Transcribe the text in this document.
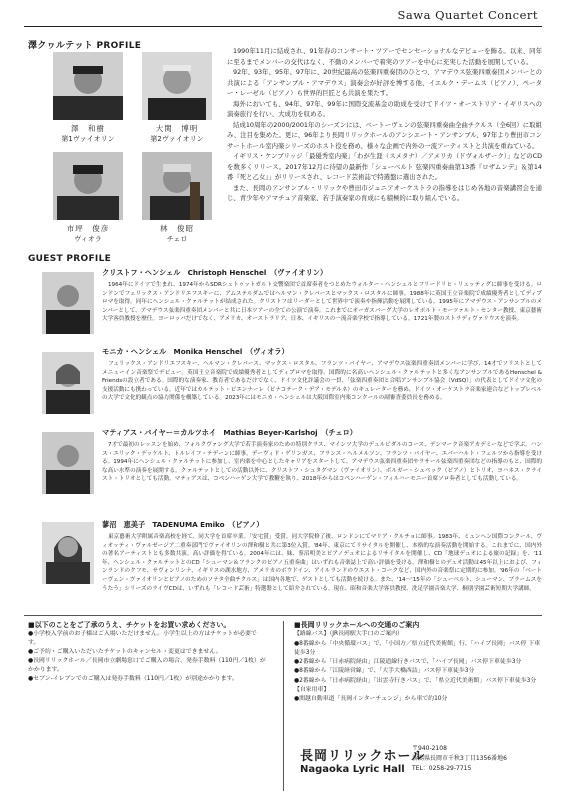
Sawa Quartet Concert
澤クヮルテット PROFILE
澤　和樹
第1ヴァイオリン
大関　博明
第2ヴァイオリン
市坪　俊彦
ヴィオラ
林　俊昭
チェロ

1990年11月に結成され、91年春のコンサート・ツアーでセンセーショナルなデビューを飾る。以来、同年に至るまでメンバーの交代はなく、不動のメンバーで着実のツアーを中心に充実した活動を展開している。

92年、93年、95年、97年に、20世紀最高の弦楽四重奏団のひとつ、アマデウス弦楽四重奏団メンバーとの共演による「アンサンブル・アマデウス」演奏会が好評を博する他、イエルク・デームス（ピアノ）、ペーター・レーゼル（ピアノ）ら世界的巨匠とも共演を果たす。

海外においても、94年、97年、99年に国際交流基金の助成を受けてドイツ・オーストリア・イギリスへの演奏旅行を行い、大成功を収める。

結成10周年の2000/2001年のシーズンには、ベートーヴェンの弦楽四重奏曲全曲チクルス（全6回）に取組み、注目を集めた。更に、96年より長岡リリックホールのアンシエート・アンサンブル、97年より豊田市コンサートホール室内楽シリーズのホスト役を務め、様々な企画で内外の一流アーティストと共演を重ねている。

イギリス・ケンブリッジ「最優秀室内楽」「わが生涯（スメタナ）／アメリカ（ドヴォルザーク）」などのCDを数多くリリース。2017年12月に待望の最新作「シューベルト 弦楽四重奏曲第13番『ロザムンデ』＆第14番『死と乙女』」がリリースされ、レコード芸術誌で特選盤に選出された。

また、長岡のアンサンブル・リリックや豊田市ジュニアオーケストラの指導をはじめ各地の音楽講習会を通じ、青少年やアマチュア音楽家、若手演奏家の育成にも積極的に取り組んでいる。

GUEST PROFILE
クリストフ・ヘンシェル　Christoph Henschel　（ヴァイオリン）

1964年にドイツで生まれ、1974年からSDRシュトゥットガルト交響楽団で首席奏者をつとめたウォルター・ヘンシェルとフリードリヒ・リュッティグに師事を受ける。ロンドンでフェリックス・アンドリエフスキーに、アムステルダムではヘルマン・クレバースとマックス・ロスタルに師事。1988年に英国王立音楽院で成績優秀者としてディプロマを取得。同年にヘンシェル・クァルテットが結成された。クリストフはリーダーとして世界中で演奏や指揮活動を展開している。1995年にアマデウス・アンサンブルのメンバーとして、アマデウス弦楽四重奏団メンバーと共に日本ツアーの全ての公演で演奏。これまでにオーガスバーグ大学のレオポルト・モーツァルト・センター教授、東京藝術大学客員教授を歴任。ヨーロッパだけでなく、アメリカ、オーストラリア、日本、イギリスの一流音楽学校で指導している。1721年製のストラディヴァリウスを演奏。

モニカ・ヘンシェル　Monika Henschel　（ヴィオラ）

フェリックス・アンドリエフスキー、ヘルマン・クレバース、マックス・ロスタル、フランツ・バイヤー、アマデウス弦楽四重奏団メンバーに学び、14才でソリストとしてメニューイン音楽祭でデビュー。英国王立音楽院で成績優秀者としてディプロマを取得。国際的に名高いヘンシェル・クァルテットと多くなアンサンブルであるHenschel & Friendsの設立者である。国際的な演奏家、教育者であるだけでなく、ドイツ文化評議会の一員、「弦楽四重奏団と合唱アンサンブル協会（VdSQ）」の代表としてドイツ文化の支援活動にも携わっている。近年ではカルテット・ビエンナーレ（ピナコテーク・デア・モデルネ）のキュレーターを務め、ドイツ・オーケストラ音楽家連合などトップレベルの大学で文化的観点の協力関係を構築している。2023年にはモニカ・ヘンシェルは大阪国際室内楽コンクールの副審査委員長を務める。

マティアス・バイヤー＝カルツホイ　Mathias Beyer-Karlshoj　（チェロ）

7才で最初のレッスンを始め、フォルクヴァング大学で若手演奏家のための特別クラス、マインツ大学のデュルビダルのコース、デンマーク音楽アカデミーなどで学ぶ。ハンス・エリック・デッケルト、トルレイフ・テデーンに師事。デーヴィド・ゲリンガス、フランス・ヘルメルソン、フランツ・バイヤー、エバーハルト・フェルツから指導を受ける。1994年にヘンシェル・クァルテットに参加し、室内楽を中心としたキャリアをスタートして、アマデウス弦楽四重奏団やラサール弦楽四重奏団などの指導のもと、国際的な高い水準の演奏を展開する。クァルテットとしての活動以外に、クリストフ・シュタグマン（ヴァイオリン）、ボルガー・シュペック（ピアノ）とトリオ、ヨハネス・クライスト・トリオとしても活動。マティアスは、コペンハーゲン大学で教鞭を執り、2018年からはコペンハーゲン・フィルハーモニー首席ソロ奏者としても活動している。

蓼沼　恵美子　TADENUMA Emiko　（ピアノ）

東京藝術大学附属音楽高校を経て、同大学を首席卒業。「安宅賞」受賞。同大学院修了後、ロンドンにてマリア・クルチョに師事。1983年、ミュンヘン国際コンクール、ヴィオッティ・ヴァルゼージア二重奏部門でヴァイオリンの澤和樹と共に第3位入賞。'84年、東京にてリサイタルを開催し、本格的な演奏活動を開始する。これまでに、国内外の著名アーティストとも多数共演。高い評価を得ている。2004年には、妹、蓼沼明美とピアノデュオによるリサイタルを開催し、CD「地球デュオによる旅の記録」を、'11年、ヘンシェル・クァルテットとのCD「シューマン＆フランクのピアノ五重奏曲」はいずれも音楽誌上で高い評価を受ける。澤和樹とのデュオ活動は45年以上におよび、フィンランドのクフモ、サヴォンリンナ、イギリスの湖水地方、アメリカのボウドイン、アイルランドのウエスト・コークなど、国内外の音楽祭に定期的に参加。'96年の「ベートーヴェン・ヴァイオリンとピアノのためのソナタ全曲チクルス」は国内各地で、ゲストとしても活動を続ける。また、'14〜'15年の「シューベルト、シューマン、ブラームスをうたう」シリーズのライヴCDは、いずれも「レコード芸術」特選盤として紹介されている。現在、昭和音楽大学客員教授、洗足学園音楽大学、桐朋学園芸術短期大学講師。

■以下のことをご了承のうえ、チケットをお買い求めください。
●小学校入学前のお子様はご入場いただけません。小学生以上の方はチケットが必要です。
●ご予約・ご購入いただいたチケットのキャンセル・変更はできません。
●長岡リリックホール／長岡市立劇場窓口でご購入の場合、発券手数料（110円／1枚）がかかります。
●セブン-イレブンでのご購入は発券手数料（110円／1枚）が別途かかります。
■長岡リリックホールへの交通のご案内
【路線バス】（JR長岡駅大手口のご案内）
●8番線から「中央循環バス」で、「小国方／県立近代美術館」行、「ハイブ長岡」バス停 下車徒歩3分
●2番線から「日赤病院経由」江陵道線行きバスで、「ハイブ長岡」バス停下車徒歩3分
●8番線から「江陵経営線」で、「大手大橋西詰」バス停下車徒歩3分
●2番線から「日赤病院経由」「出雲寺行きバス」で、「県立近代美術館」バス停下車徒歩3分
【自家用車】
●関越自動車道「長岡インターチェンジ」から車で約10分
長岡リリックホール
Nagaoka Lyric Hall
〒940-2108
新潟県長岡市千秋3丁目1356番地6
TEL：0258-29-7715
